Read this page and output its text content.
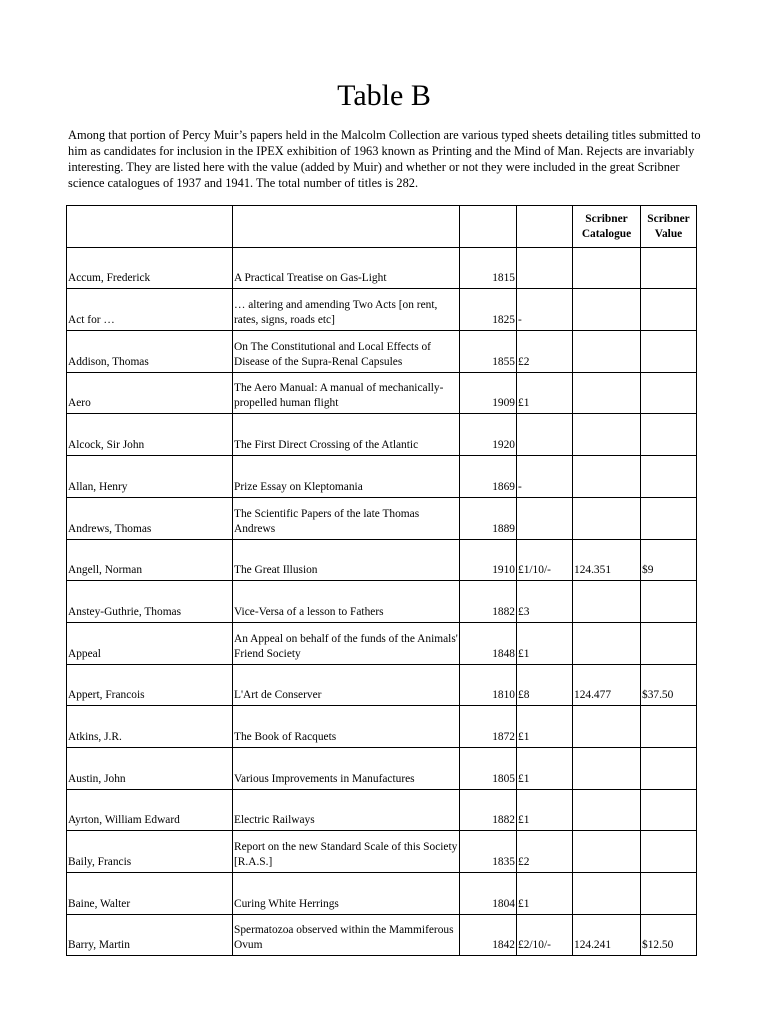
Table B

Among that portion of Percy Muir’s papers held in the Malcolm Collection are various typed sheets detailing titles submitted to him as candidates for inclusion in the IPEX exhibition of 1963 known as Printing and the Mind of Man. Rejects are invariably interesting. They are listed here with the value (added by Muir) and whether or not they were included in the great Scribner science catalogues of 1937 and 1941. The total number of titles is 282.

				Scribner Catalogue	Scribner Value
Accum, Frederick	A Practical Treatise on Gas-Light	1815			
Act for …	… altering and amending Two Acts [on rent, rates, signs, roads etc]	1825	-		
Addison, Thomas	On The Constitutional and Local Effects of Disease of the Supra-Renal Capsules	1855	£2		
Aero	The Aero Manual: A manual of mechanically-propelled human flight	1909	£1		
Alcock, Sir John	The First Direct Crossing of the Atlantic	1920			
Allan, Henry	Prize Essay on Kleptomania	1869	-		
Andrews, Thomas	The Scientific Papers of the late Thomas Andrews	1889			
Angell, Norman	The Great Illusion	1910	£1/10/-	124.351	$9
Anstey-Guthrie, Thomas	Vice-Versa of a lesson to Fathers	1882	£3		
Appeal	An Appeal on behalf of the funds of the Animals' Friend Society	1848	£1		
Appert, Francois	L'Art de Conserver	1810	£8	124.477	$37.50
Atkins, J.R.	The Book of Racquets	1872	£1		
Austin, John	Various Improvements in Manufactures	1805	£1		
Ayrton, William Edward	Electric Railways	1882	£1		
Baily, Francis	Report on the new Standard Scale of this Society [R.A.S.]	1835	£2		
Baine, Walter	Curing White Herrings	1804	£1		
Barry, Martin	Spermatozoa observed within the Mammiferous Ovum	1842	£2/10/-	124.241	$12.50
